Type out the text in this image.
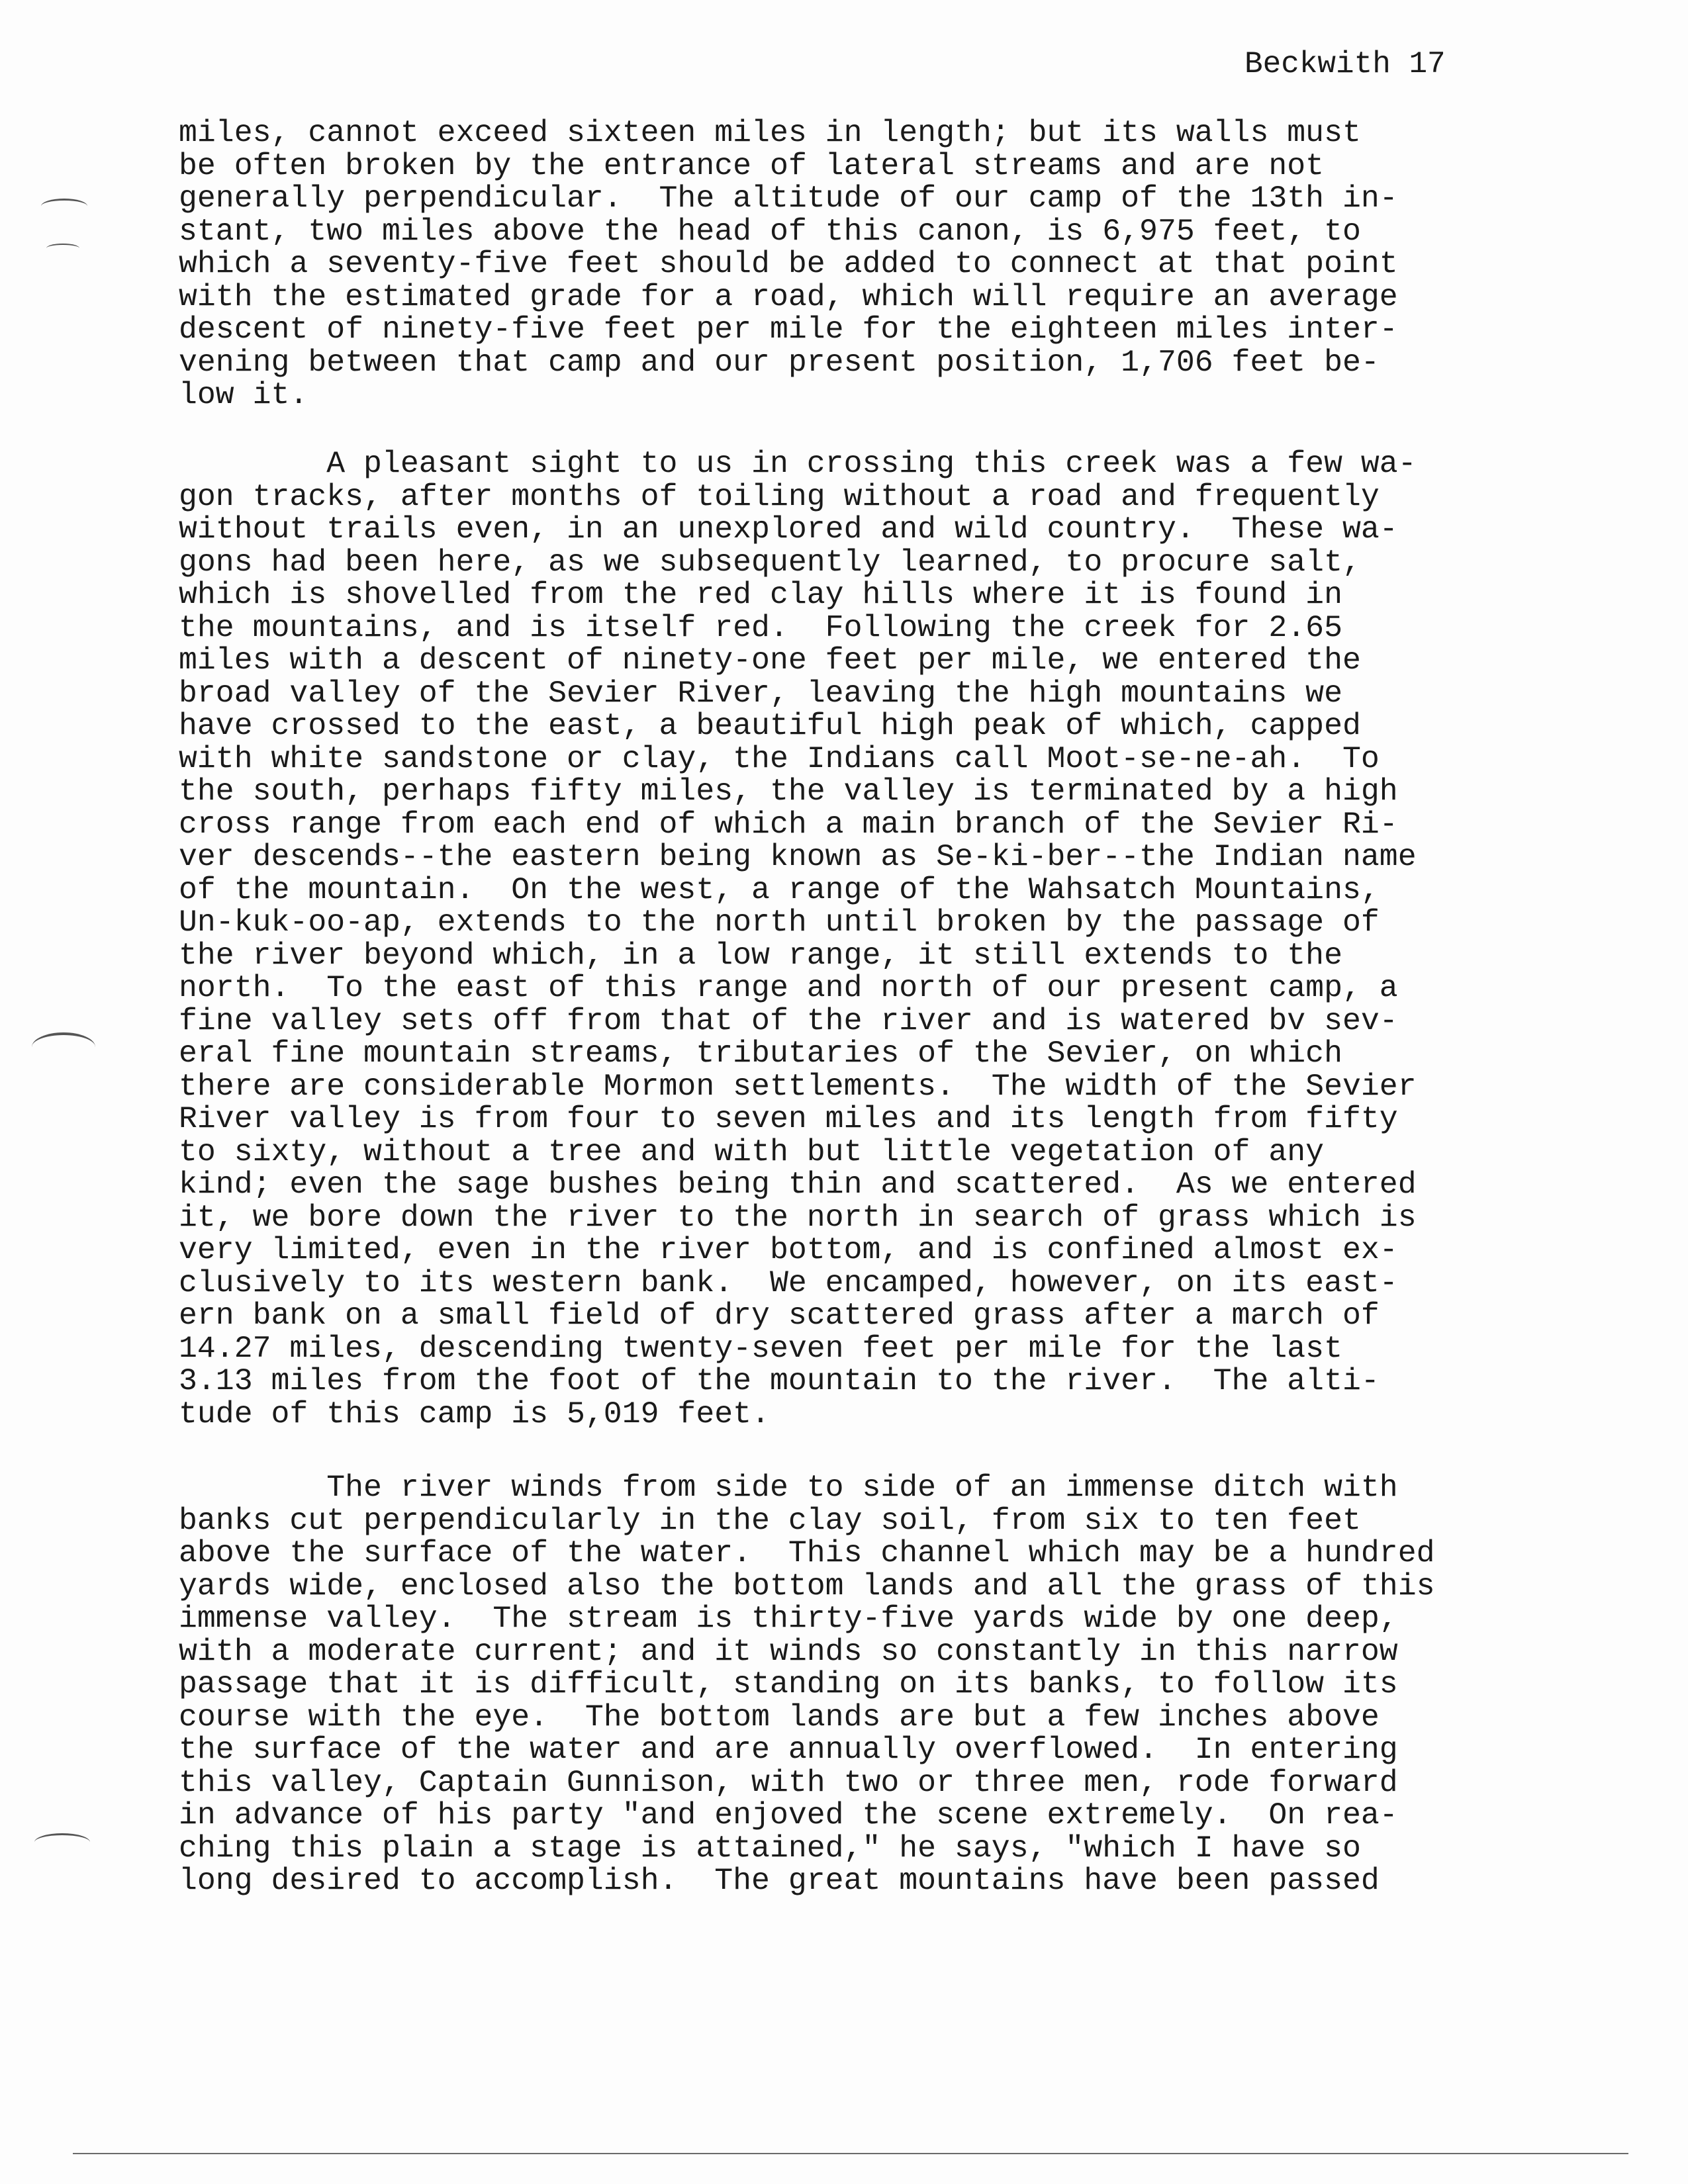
Beckwith 17
miles, cannot exceed sixteen miles in length; but its walls must
be often broken by the entrance of lateral streams and are not
generally perpendicular.  The altitude of our camp of the 13th in-
stant, two miles above the head of this canon, is 6,975 feet, to
which a seventy-five feet should be added to connect at that point
with the estimated grade for a road, which will require an average
descent of ninety-five feet per mile for the eighteen miles inter-
vening between that camp and our present position, 1,706 feet be-
low it.
A pleasant sight to us in crossing this creek was a few wa-
gon tracks, after months of toiling without a road and frequently
without trails even, in an unexplored and wild country.  These wa-
gons had been here, as we subsequently learned, to procure salt,
which is shovelled from the red clay hills where it is found in
the mountains, and is itself red.  Following the creek for 2.65
miles with a descent of ninety-one feet per mile, we entered the
broad valley of the Sevier River, leaving the high mountains we
have crossed to the east, a beautiful high peak of which, capped
with white sandstone or clay, the Indians call Moot-se-ne-ah.  To
the south, perhaps fifty miles, the valley is terminated by a high
cross range from each end of which a main branch of the Sevier Ri-
ver descends--the eastern being known as Se-ki-ber--the Indian name
of the mountain.  On the west, a range of the Wahsatch Mountains,
Un-kuk-oo-ap, extends to the north until broken by the passage of
the river beyond which, in a low range, it still extends to the
north.  To the east of this range and north of our present camp, a
fine valley sets off from that of the river and is watered bv sev-
eral fine mountain streams, tributaries of the Sevier, on which
there are considerable Mormon settlements.  The width of the Sevier
River valley is from four to seven miles and its length from fifty
to sixty, without a tree and with but little vegetation of any
kind; even the sage bushes being thin and scattered.  As we entered
it, we bore down the river to the north in search of grass which is
very limited, even in the river bottom, and is confined almost ex-
clusively to its western bank.  We encamped, however, on its east-
ern bank on a small field of dry scattered grass after a march of
14.27 miles, descending twenty-seven feet per mile for the last
3.13 miles from the foot of the mountain to the river.  The alti-
tude of this camp is 5,019 feet.
The river winds from side to side of an immense ditch with
banks cut perpendicularly in the clay soil, from six to ten feet
above the surface of the water.  This channel which may be a hundred
yards wide, enclosed also the bottom lands and all the grass of this
immense valley.  The stream is thirty-five yards wide by one deep,
with a moderate current; and it winds so constantly in this narrow
passage that it is difficult, standing on its banks, to follow its
course with the eye.  The bottom lands are but a few inches above
the surface of the water and are annually overflowed.  In entering
this valley, Captain Gunnison, with two or three men, rode forward
in advance of his party "and enjoved the scene extremely.  On rea-
ching this plain a stage is attained," he says, "which I have so
long desired to accomplish.  The great mountains have been passed
